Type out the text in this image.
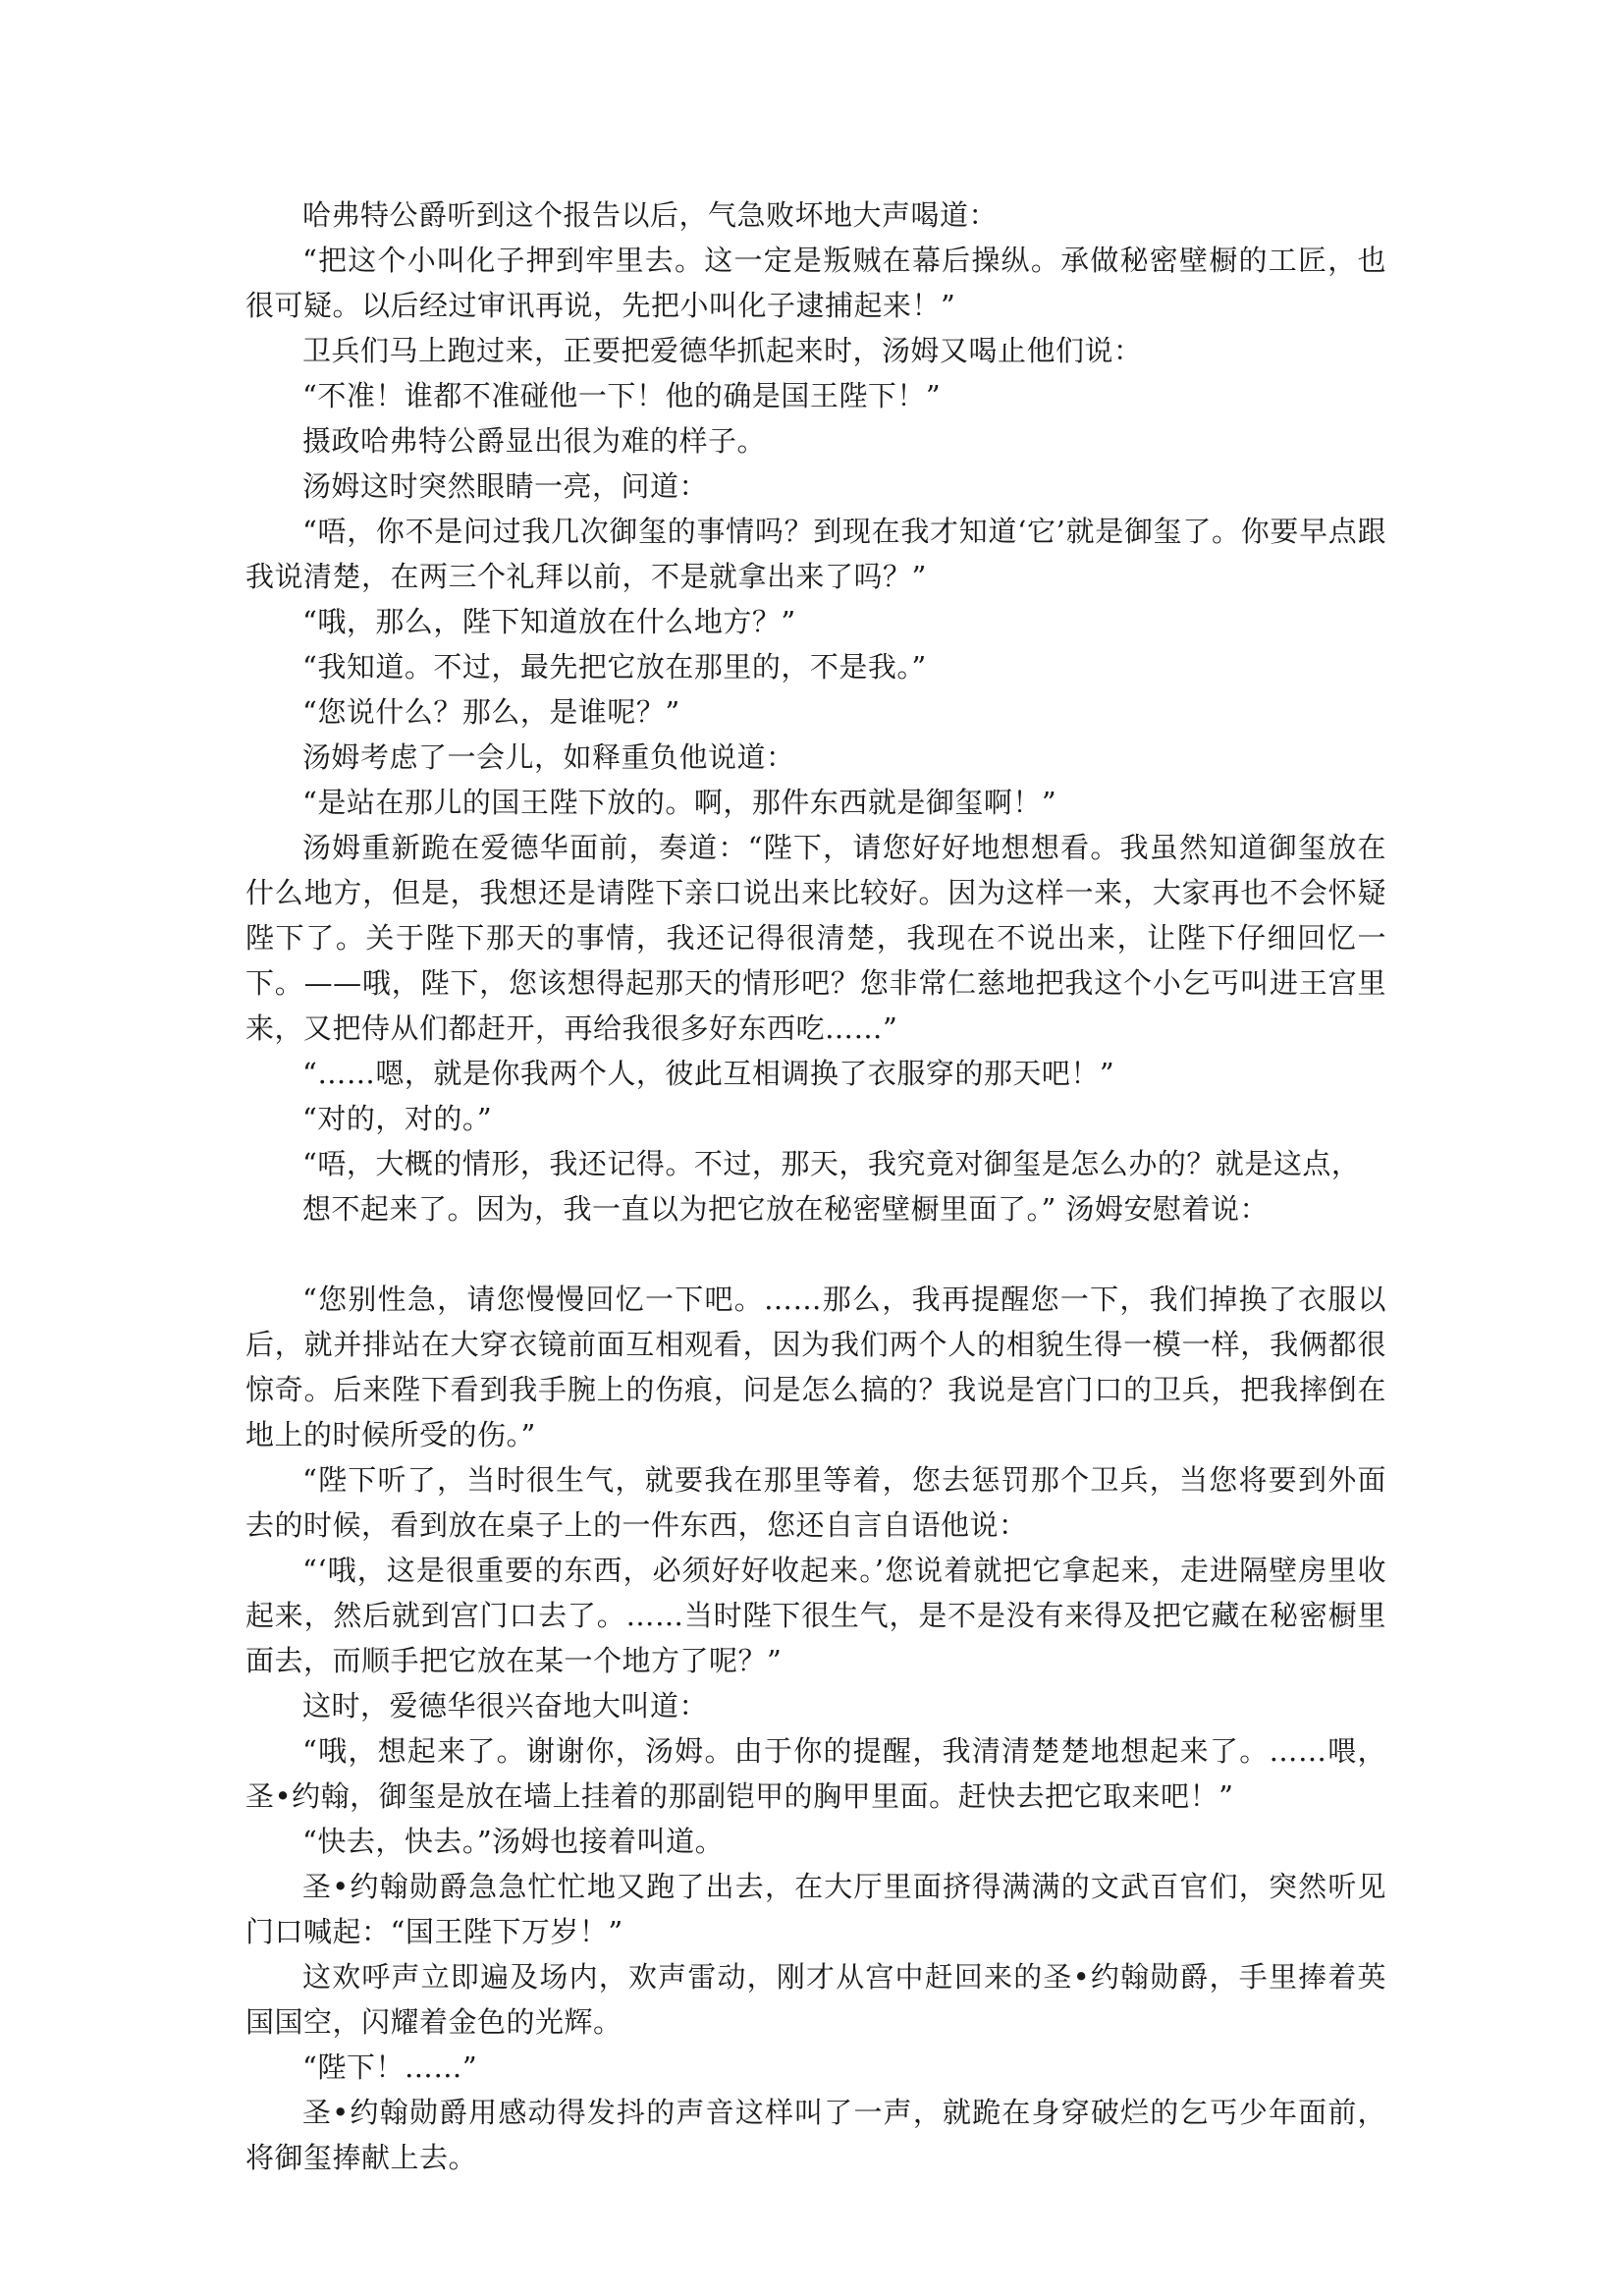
哈弗特公爵听到这个报告以后，气急败坏地大声喝道：

“把这个小叫化子押到牢里去。这一定是叛贼在幕后操纵。承做秘密壁橱的工匠，也很可疑。以后经过审讯再说，先把小叫化子逮捕起来！”

卫兵们马上跑过来，正要把爱德华抓起来时，汤姆又喝止他们说：

“不准！谁都不准碰他一下！他的确是国王陛下！”

摄政哈弗特公爵显出很为难的样子。

汤姆这时突然眼睛一亮，问道：

“唔，你不是问过我几次御玺的事情吗？到现在我才知道‘它’就是御玺了。你要早点跟我说清楚，在两三个礼拜以前，不是就拿出来了吗？”

“哦，那么，陛下知道放在什么地方？”

“我知道。不过，最先把它放在那里的，不是我。”

“您说什么？那么，是谁呢？”

汤姆考虑了一会儿，如释重负他说道：

“是站在那儿的国王陛下放的。啊，那件东西就是御玺啊！”

汤姆重新跪在爱德华面前，奏道：“陛下，请您好好地想想看。我虽然知道御玺放在什么地方，但是，我想还是请陛下亲口说出来比较好。因为这样一来，大家再也不会怀疑陛下了。关于陛下那天的事情，我还记得很清楚，我现在不说出来，让陛下仔细回忆一下。——哦，陛下，您该想得起那天的情形吧？您非常仁慈地把我这个小乞丐叫进王宫里来，又把侍从们都赶开，再给我很多好东西吃……”

“……嗯，就是你我两个人，彼此互相调换了衣服穿的那天吧！”

“对的，对的。”

“唔，大概的情形，我还记得。不过，那天，我究竟对御玺是怎么办的？就是这点，

想不起来了。因为，我一直以为把它放在秘密壁橱里面了。” 汤姆安慰着说：

“您别性急，请您慢慢回忆一下吧。……那么，我再提醒您一下，我们掉换了衣服以后，就并排站在大穿衣镜前面互相观看，因为我们两个人的相貌生得一模一样，我俩都很惊奇。后来陛下看到我手腕上的伤痕，问是怎么搞的？我说是宫门口的卫兵，把我摔倒在地上的时候所受的伤。”

“陛下听了，当时很生气，就要我在那里等着，您去惩罚那个卫兵，当您将要到外面去的时候，看到放在桌子上的一件东西，您还自言自语他说：

“‘哦，这是很重要的东西，必须好好收起来。’您说着就把它拿起来，走进隔壁房里收起来，然后就到宫门口去了。……当时陛下很生气，是不是没有来得及把它藏在秘密橱里面去，而顺手把它放在某一个地方了呢？”

这时，爱德华很兴奋地大叫道：

“哦，想起来了。谢谢你，汤姆。由于你的提醒，我清清楚楚地想起来了。……喂，圣•约翰，御玺是放在墙上挂着的那副铠甲的胸甲里面。赶快去把它取来吧！”

“快去，快去。”汤姆也接着叫道。

圣•约翰勋爵急急忙忙地又跑了出去，在大厅里面挤得满满的文武百官们，突然听见门口喊起：“国王陛下万岁！”

这欢呼声立即遍及场内，欢声雷动，刚才从宫中赶回来的圣•约翰勋爵，手里捧着英国国空，闪耀着金色的光辉。

“陛下！……”

圣•约翰勋爵用感动得发抖的声音这样叫了一声，就跪在身穿破烂的乞丐少年面前，将御玺捧献上去。
